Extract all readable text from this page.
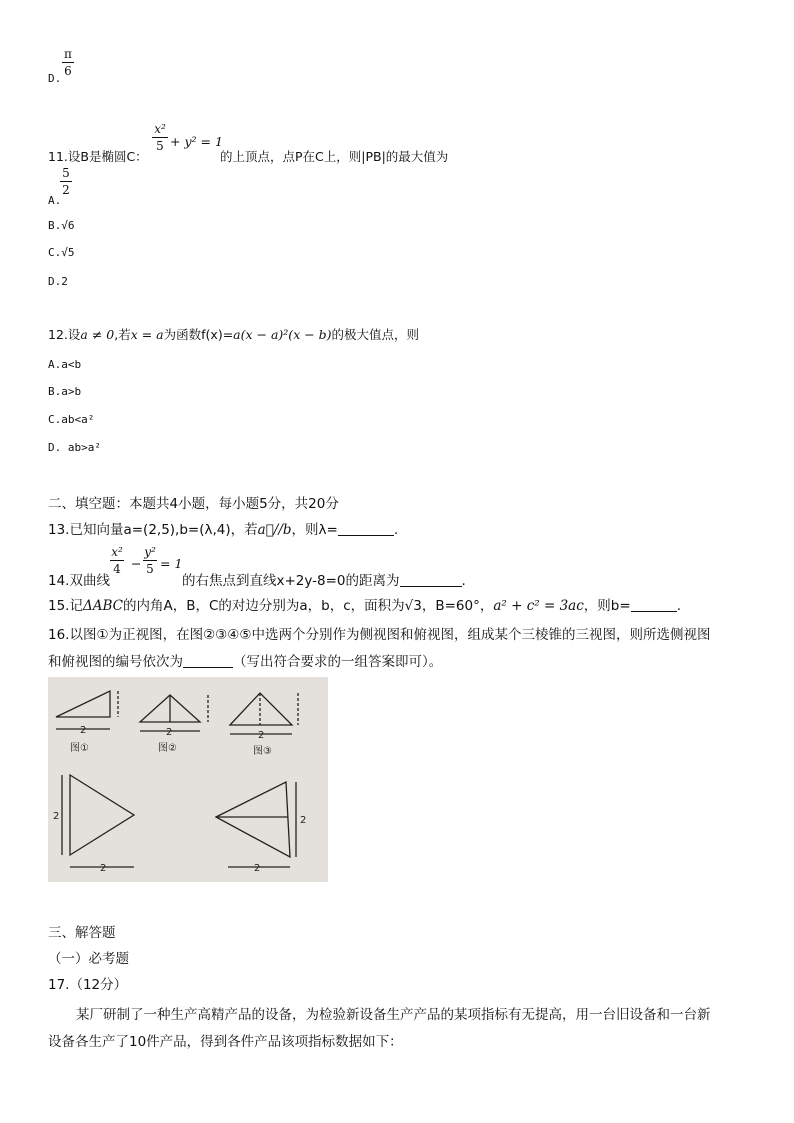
D.
π
6
11.设B是椭圆C：
x²
5 + y² = 1
的上顶点，点P在C上，则|PB|的最大值为
A.
5
2
B.√6
C.√5
D.2
12.设a ≠ 0,若x = a为函数f(x)=a(x − a)²(x − b)的极大值点，则
A.a<b
B.a>b
C.ab<a²
D. ab>a²
二、填空题：本题共4小题，每小题5分，共20分
13.已知向量a=(2,5),b=(λ,4)，若a⃗//b，则λ=	.
14.双曲线
x²
4 −
y²
5 = 1
的右焦点到直线x+2y-8=0的距离为	.
15.记ΔABC的内角A，B，C的对边分别为a，b，c，面积为√3，B=60°，a² + c² = 3ac，则b=	.
16.以图①为正视图，在图②③④⑤中选两个分别作为侧视图和俯视图，组成某个三棱锥的三视图，则所选侧视图
和俯视图的编号依次为	（写出符合要求的一组答案即可）。
2	2	2
图①	图②	图③
2
2	2
2
三、解答题
（一）必考题
17.（12分）
某厂研制了一种生产高精产品的设备，为检验新设备生产产品的某项指标有无提高，用一台旧设备和一台新
设备各生产了10件产品，得到各件产品该项指标数据如下：
